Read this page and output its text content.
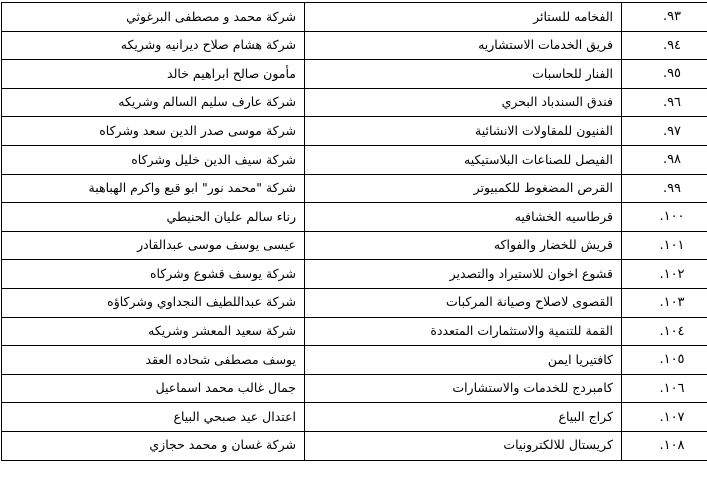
شركة محمد و مصطفى البرغوثي	الفخامه للستائر	٩٣.
شركة هشام صلاح ديرانيه وشريكه	فريق الخدمات الاستشاريه	٩٤.
مأمون صالح ابراهيم خالد	الفنار للحاسبات	٩٥.
شركة عارف سليم السالم وشريكه	فندق السندباد البحري	٩٦.
شركة موسى صدر الدين سعد وشركاه	الفنيون للمقاولات الانشائية	٩٧.
شركة سيف الدين خليل وشركاه	الفيصل للصناعات البلاستيكيه	٩٨.
شركة "محمد نور" ابو قبع واكرم الهباهبة	القرص المضغوط للكمبيوتر	٩٩.
رناء سالم عليان الحنيطي	قرطاسيه الخشافيه	١٠٠.
عيسى يوسف موسى عبدالقادر	قريش للخضار والفواكه	١٠١.
شركة يوسف قشوع وشركاه	قشوع اخوان للاستيراد والتصدير	١٠٢.
شركة عبداللطيف النجداوي وشركاؤه	القصوى لاصلاح وصيانة المركبات	١٠٣.
شركة سعيد المعشر وشريكه	القمة للتنمية والاستثمارات المتعددة	١٠٤.
يوسف مصطفى شحاده العقد	كافتيريا ايمن	١٠٥.
جمال غالب محمد اسماعيل	كامبردج للخدمات والاستشارات	١٠٦.
اعتدال عيد صبحي البياع	كراج البياع	١٠٧.
شركة غسان و محمد حجازي	كريستال للالكترونيات	١٠٨.
